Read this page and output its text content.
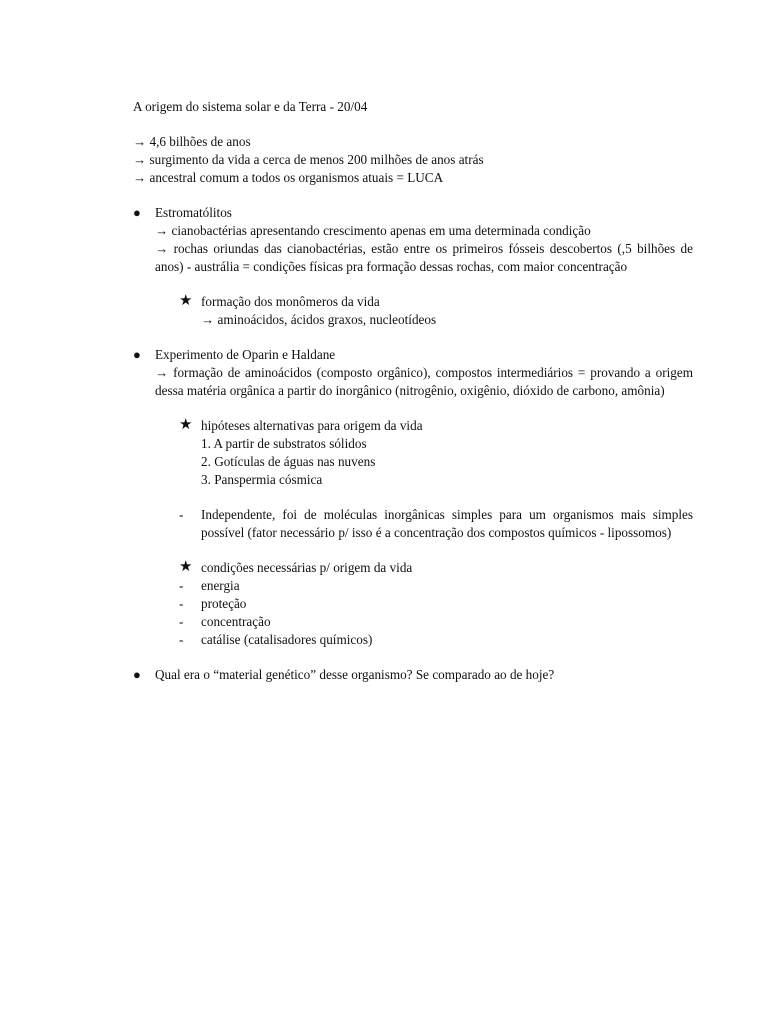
A origem do sistema solar e da Terra - 20/04
→ 4,6 bilhões de anos
→ surgimento da vida a cerca de menos 200 milhões de anos atrás
→ ancestral comum a todos os organismos atuais = LUCA
●	Estromatólitos
→ cianobactérias apresentando crescimento apenas em uma determinada condição
→ rochas oriundas das cianobactérias, estão entre os primeiros fósseis descobertos (,5 bilhões de anos) - austrália = condições físicas pra formação dessas rochas, com maior concentração
★ formação dos monômeros da vida
→ aminoácidos, ácidos graxos, nucleotídeos
●	Experimento de Oparin e Haldane
→ formação de aminoácidos (composto orgânico), compostos intermediários = provando a origem dessa matéria orgânica a partir do inorgânico (nitrogênio, oxigênio, dióxido de carbono, amônia)
★ hipóteses alternativas para origem da vida
1. A partir de substratos sólidos
2. Gotículas de águas nas nuvens
3. Panspermia cósmica
-	Independente, foi de moléculas inorgânicas simples para um organismos mais simples possível (fator necessário p/ isso é a concentração dos compostos químicos - lipossomos)
★ condições necessárias p/ origem da vida
-	energia
-	proteção
-	concentração
-	catálise (catalisadores químicos)
●	Qual era o “material genético” desse organismo? Se comparado ao de hoje?
